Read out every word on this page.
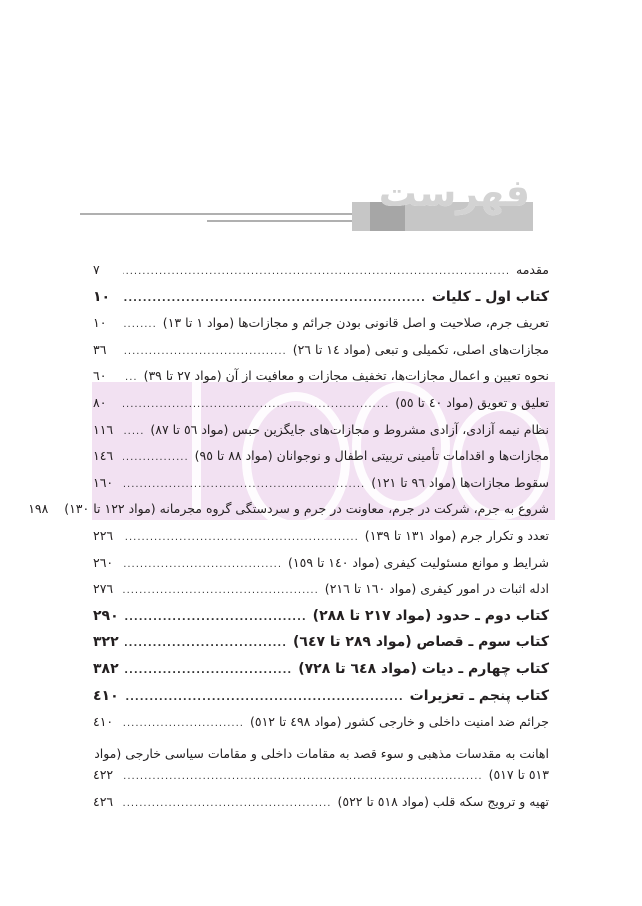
فهرست
مقدمه
.....
۷
کتاب اول ـ کلیات
.....
۱۰
تعریف جرم، صلاحیت و اصل قانونی بودن جرائم و مجازات‌ها (مواد ۱ تا ۱۳)
.....
۱۰
مجازات‌های اصلی، تکمیلی و تبعی (مواد ۱٤ تا ۲٦)
.....
۳٦
نحوه تعیین و اعمال مجازات‌ها، تخفیف مجازات و معافیت از آن (مواد ۲۷ تا ۳۹)
.....
٦۰
تعلیق و تعویق (مواد ٤۰ تا ٥٥)
.....
۸۰
نظام نیمه آزادی، آزادی مشروط و مجازات‌های جایگزین حبس (مواد ٥٦ تا ۸۷)
.....
۱۱٦
مجازات‌ها و اقدامات تأمینی تربیتی اطفال و نوجوانان (مواد ۸۸ تا ۹٥)
.....
۱٤٦
سقوط مجازات‌ها (مواد ۹٦ تا ۱۲۱)
.....
۱٦۰
شروع به جرم، شرکت در جرم، معاونت در جرم و سردستگی گروه مجرمانه (مواد ۱۲۲ تا ۱۳۰)
۱۹۸
تعدد و تکرار جرم (مواد ۱۳۱ تا ۱۳۹)
.....
۲۲٦
شرایط و موانع مسئولیت کیفری (مواد ۱٤۰ تا ۱٥۹)
.....
۲٦۰
ادله اثبات در امور کیفری (مواد ۱٦۰ تا ۲۱٦)
.....
۲۷٦
کتاب دوم ـ حدود (مواد ۲۱۷ تا ۲۸۸)
.....
۲۹۰
کتاب سوم ـ قصاص (مواد ۲۸۹ تا ٦٤۷)
.....
۳۲۲
کتاب چهارم ـ دیات (مواد ٦٤۸ تا ۷۲۸)
.....
۳۸۲
کتاب پنجم ـ تعزیرات
.....
٤۱۰
جرائم ضد امنیت داخلی و خارجی کشور (مواد ٤۹۸ تا ٥۱۲)
.....
٤۱۰
اهانت به مقدسات مذهبی و سوء قصد به مقامات داخلی و مقامات سیاسی خارجی (مواد
٥۱۳ تا ٥۱۷)
.....
٤۲۲
تهیه و ترویج سکه قلب (مواد ٥۱۸ تا ٥۲۲)
.....
٤۲٦
